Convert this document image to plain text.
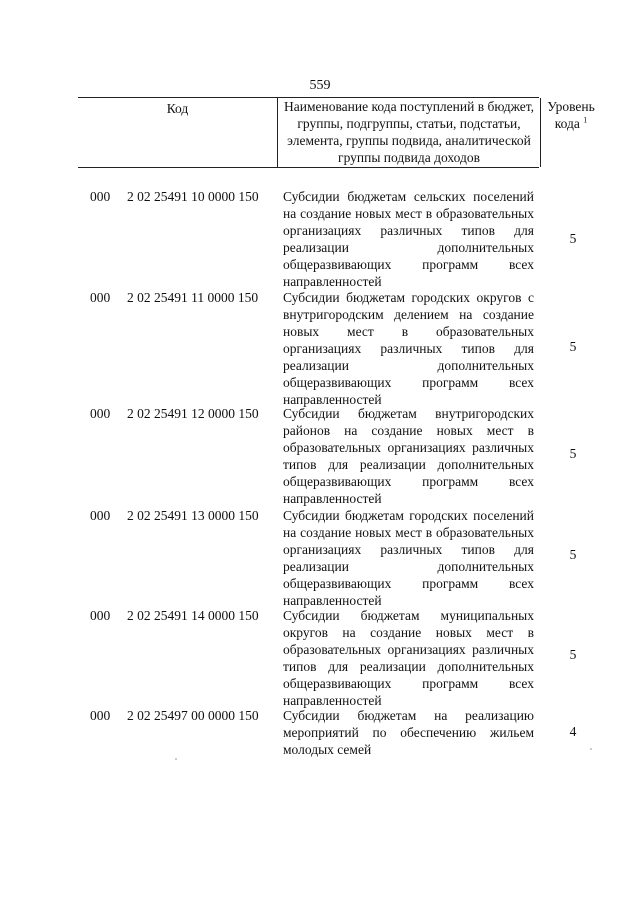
559
Код	Наименование кода поступлений в бюджет, группы, подгруппы, статьи, подстатьи, элемента, группы подвида, аналитической группы подвида доходов
Уровень кода $^1$
000 2 02 25491 10 0000 150 Субсидии бюджетам сельских поселений на создание новых мест в образовательных организациях различных типов для реализации дополнительных общеразвивающих программ всех направленностей
5
000 2 02 25491 11 0000 150 Субсидии бюджетам городских округов с внутригородским делением на создание новых мест в образовательных организациях различных типов для реализации дополнительных общеразвивающих программ всех направленностей
5
000 2 02 25491 12 0000 150 Субсидии бюджетам внутригородских районов на создание новых мест в образовательных организациях различных типов для реализации дополнительных общеразвивающих программ всех направленностей
5
000 2 02 25491 13 0000 150 Субсидии бюджетам городских поселений на создание новых мест в образовательных организациях различных типов для реализации дополнительных общеразвивающих программ всех направленностей
5
000 2 02 25491 14 0000 150 Субсидии бюджетам муниципальных округов на создание новых мест в образовательных организациях различных типов для реализации дополнительных общеразвивающих программ всех направленностей
5
000 2 02 25497 00 0000 150 Субсидии бюджетам на реализацию мероприятий по обеспечению жильем молодых семей
4
